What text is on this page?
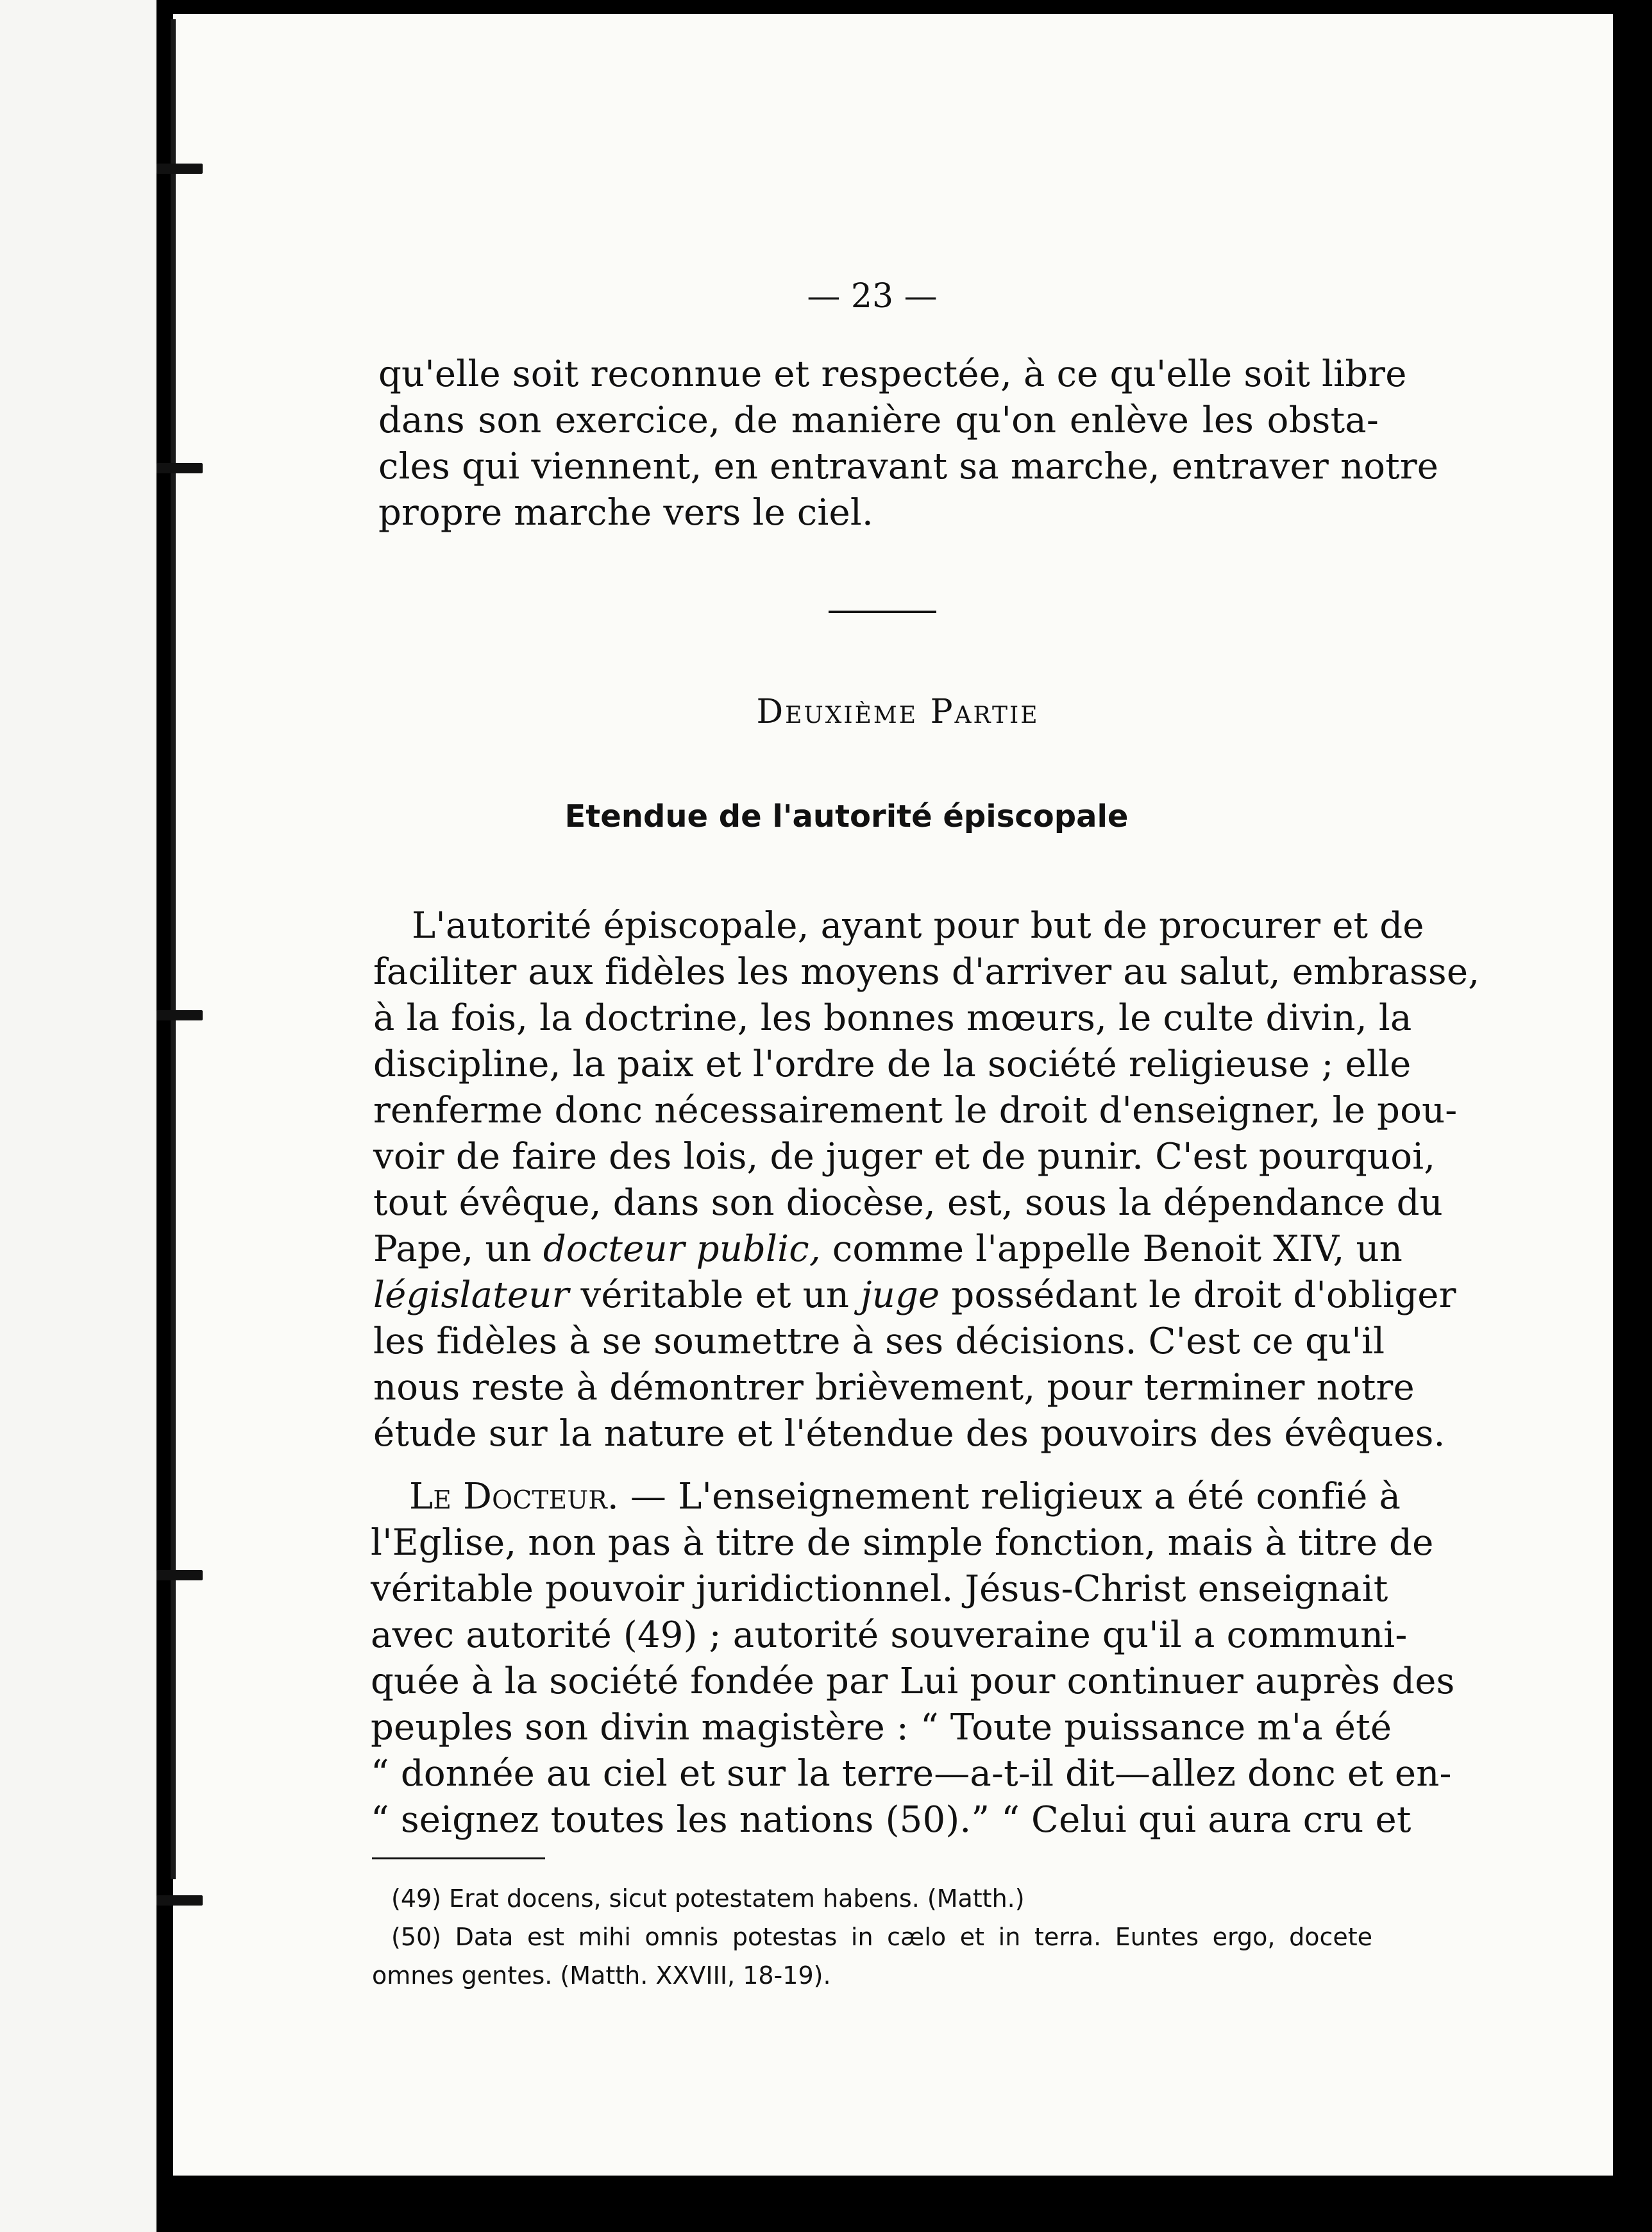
— 23 —
qu'elle soit reconnue et respectée, à ce qu'elle soit libre
dans son exercice, de manière qu'on enlève les obsta-
cles qui viennent, en entravant sa marche, entraver notre
propre marche vers le ciel.
Deuxième Partie
Etendue de l'autorité épiscopale
L'autorité épiscopale, ayant pour but de procurer et de
faciliter aux fidèles les moyens d'arriver au salut, embrasse,
à la fois, la doctrine, les bonnes mœurs, le culte divin, la
discipline, la paix et l'ordre de la société religieuse ; elle
renferme donc nécessairement le droit d'enseigner, le pou-
voir de faire des lois, de juger et de punir. C'est pourquoi,
tout évêque, dans son diocèse, est, sous la dépendance du
Pape, un docteur public, comme l'appelle Benoit XIV, un
législateur véritable et un juge possédant le droit d'obliger
les fidèles à se soumettre à ses décisions. C'est ce qu'il
nous reste à démontrer brièvement, pour terminer notre
étude sur la nature et l'étendue des pouvoirs des évêques.
Le Docteur. — L'enseignement religieux a été confié à
l'Eglise, non pas à titre de simple fonction, mais à titre de
véritable pouvoir juridictionnel. Jésus-Christ enseignait
avec autorité (49) ; autorité souveraine qu'il a communi-
quée à la société fondée par Lui pour continuer auprès des
peuples son divin magistère : “ Toute puissance m'a été
“ donnée au ciel et sur la terre—a-t-il dit—allez donc et en-
“ seignez toutes les nations (50).” “ Celui qui aura cru et
(49) Erat docens, sicut potestatem habens. (Matth.)
(50) Data est mihi omnis potestas in cælo et in terra. Euntes ergo, docete
omnes gentes. (Matth. XXVIII, 18-19).
